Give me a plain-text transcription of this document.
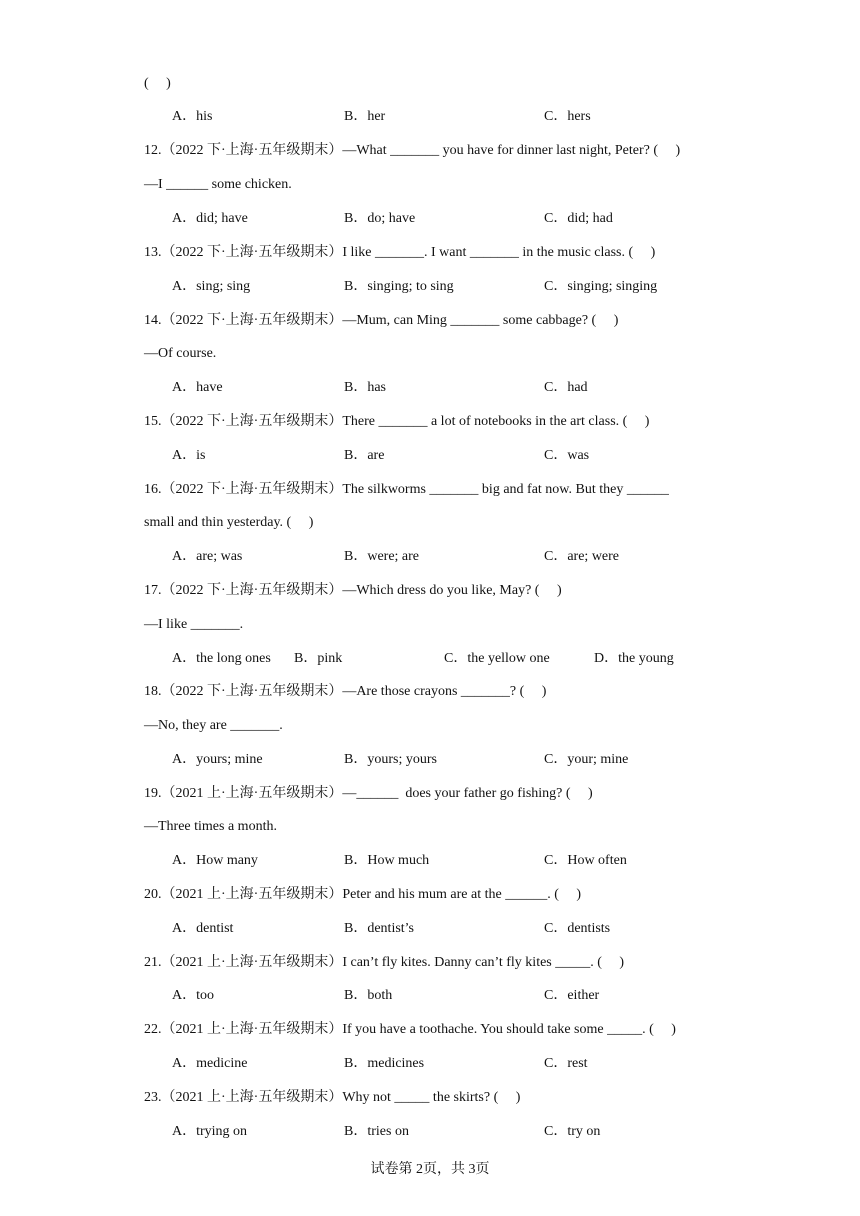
(     )
A．his	B．her	C．hers
12.（2022 下·上海·五年级期末）—What _______ you have for dinner last night, Peter? (     )
—I ______ some chicken.
A．did; have	B．do; have	C．did; had
13.（2022 下·上海·五年级期末）I like _______. I want _______ in the music class. (     )
A．sing; sing	B．singing; to sing	C．singing; singing
14.（2022 下·上海·五年级期末）—Mum, can Ming _______ some cabbage? (     )
—Of course.
A．have	B．has	C．had
15.（2022 下·上海·五年级期末）There _______ a lot of notebooks in the art class. (     )
A．is	B．are	C．was
16.（2022 下·上海·五年级期末）The silkworms _______ big and fat now. But they ______
small and thin yesterday. (     )
A．are; was	B．were; are	C．are; were
17.（2022 下·上海·五年级期末）—Which dress do you like, May? (     )
—I like _______.
A．the long ones B．pink	C．the yellow one	D．the young
18.（2022 下·上海·五年级期末）—Are those crayons _______? (     )
—No, they are _______.
A．yours; mine	B．yours; yours	C．your; mine
19.（2021 上·上海·五年级期末）—______  does your father go fishing? (     )
—Three times a month.
A．How many	B．How much	C．How often
20.（2021 上·上海·五年级期末）Peter and his mum are at the ______. (     )
A．dentist	B．dentist’s	C．dentists
21.（2021 上·上海·五年级期末）I can’t fly kites. Danny can’t fly kites _____. (     )
A．too	B．both	C．either
22.（2021 上·上海·五年级期末）If you have a toothache. You should take some _____. (     )
A．medicine	B．medicines	C．rest
23.（2021 上·上海·五年级期末）Why not _____ the skirts? (     )
A．trying on	B．tries on	C．try on
试卷第 2页，共 3页
